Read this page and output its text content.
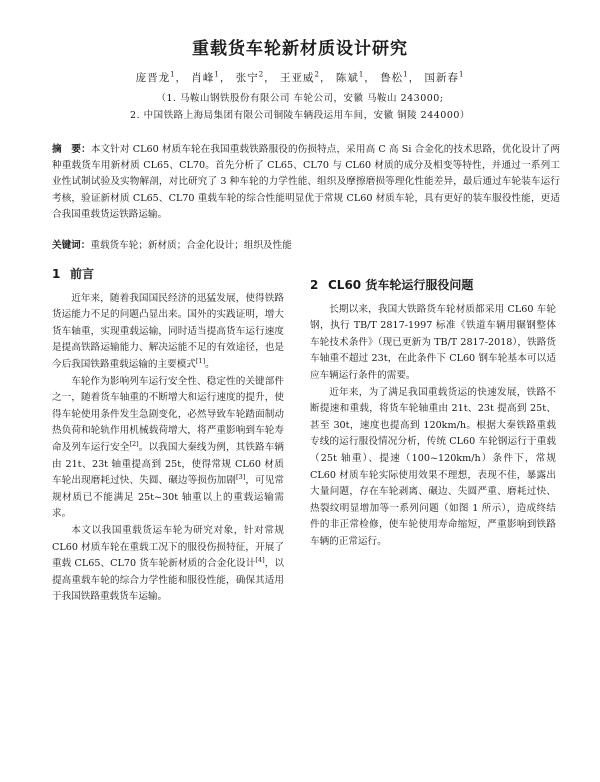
重载货车轮新材质设计研究
庞晋龙$^1$， 肖峰$^1$， 张宁$^2$， 王亚威$^2$， 陈斌$^1$， 鲁松$^1$， 国新春$^1$
（1. 马鞍山钢铁股份有限公司 车轮公司，安徽 马鞍山 243000;
2. 中国铁路上海局集团有限公司铜陵车辆段运用车间，安徽 铜陵 244000）
摘　要：本文针对 CL60 材质车轮在我国重载铁路服役的伤损特点，采用高 C 高 Si 合金化的技术思路，优化设计了两种重载货车用新材质 CL65、CL70。首先分析了 CL65、CL70 与 CL60 材质的成分及相变等特性，并通过一系列工业性试制试验及实物解剖，对比研究了 3 种车轮的力学性能、组织及摩擦磨损等理化性能差异，最后通过车轮装车运行考核，验证新材质 CL65、CL70 重载车轮的综合性能明显优于常规 CL60 材质车轮，具有更好的装车服役性能，更适合我国重载货运铁路运输。
关键词：重载货车轮；新材质；合金化设计；组织及性能
1 前言

近年来，随着我国国民经济的迅猛发展，使得铁路货运能力不足的问题凸显出来。国外的实践证明，增大货车轴重，实现重载运输，同时适当提高货车运行速度是提高铁路运输能力、解决运能不足的有效途径，也是今后我国铁路重载运输的主要模式[1]。

车轮作为影响列车运行安全性、稳定性的关键部件之一，随着货车轴重的不断增大和运行速度的提升，使得车轮使用条件发生急剧变化，必然导致车轮踏面制动热负荷和轮轨作用机械载荷增大，将严重影响到车轮寿命及列车运行安全[2]。以我国大秦线为例，其铁路车辆由 21t、23t 轴重提高到 25t，使得常规 CL60 材质车轮出现磨耗过快、失圆、碾边等损伤加剧[3]，可见常规材质已不能满足 25t~30t 轴重以上的重载运输需求。

本文以我国重载货运车轮为研究对象，针对常规 CL60 材质车轮在重载工况下的服役伤损特征，开展了重载 CL65、CL70 货车轮新材质的合金化设计[4]，以提高重载车轮的综合力学性能和服役性能，确保其适用于我国铁路重载货车运输。

2 CL60 货车轮运行服役问题

长期以来，我国大铁路货车轮材质都采用 CL60 车轮钢，执行 TB/T 2817-1997 标准《铁道车辆用辗钢整体车轮技术条件》（现已更新为 TB/T 2817-2018），铁路货车轴重不超过 23t，在此条件下 CL60 钢车轮基本可以适应车辆运行条件的需要。

近年来，为了满足我国重载货运的快速发展，铁路不断提速和重载，将货车轮轴重由 21t、23t 提高到 25t、甚至 30t，速度也提高到 120km/h。根据大秦铁路重载专线的运行服役情况分析，传统 CL60 车轮钢运行于重载（25t 轴重）、提速（100~120km/h）条件下，常规 CL60 材质车轮实际使用效果不理想，表现不佳，暴露出大量问题，存在车轮剥离、碾边、失圆严重、磨耗过快、热裂纹明显增加等一系列问题（如图 1 所示），造成终结件的非正常检修，使车轮使用寿命缩短，严重影响到铁路车辆的正常运行。
